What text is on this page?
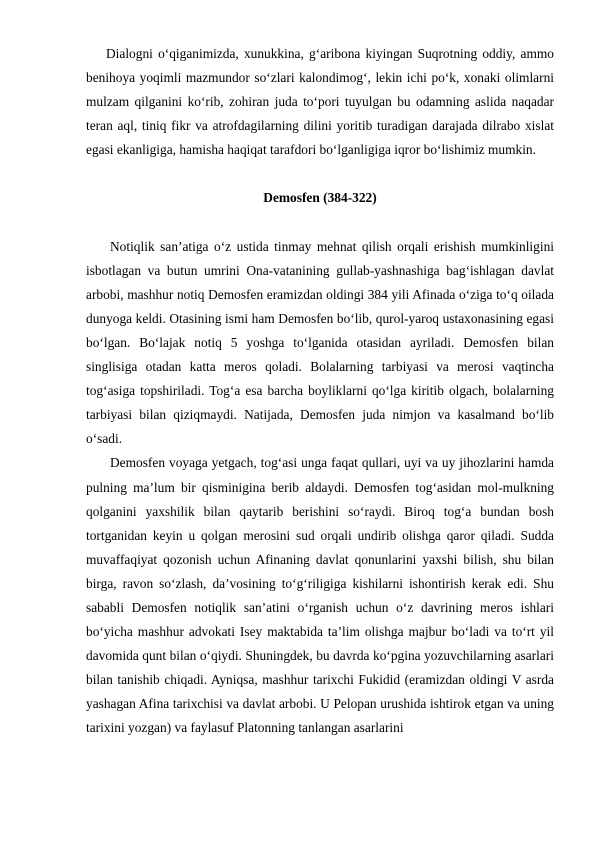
Dialogni o‘qiganimizda, xunukkina, g‘aribona kiyingan Suqrotning oddiy, ammo benihoya yoqimli mazmundor so‘zlari kalondimog‘, lekin ichi po‘k, xonaki olimlarni mulzam qilganini ko‘rib, zohiran juda to‘pori tuyulgan bu odamning aslida naqadar teran aql, tiniq fikr va atrofdagilarning dilini yoritib turadigan darajada dilrabo xislat egasi ekanligiga, hamisha haqiqat tarafdori bo‘lganligiga iqror bo‘lishimiz mumkin.

Demosfen (384-322)

Notiqlik san’atiga o‘z ustida tinmay mehnat qilish orqali erishish mumkinligini isbotlagan va butun umrini Ona-vatanining gullab-yashnashiga bag‘ishlagan davlat arbobi, mashhur notiq Demosfen eramizdan oldingi 384 yili Afinada o‘ziga to‘q oilada dunyoga keldi. Otasining ismi ham Demosfen bo‘lib, qurol-yaroq ustaxonasining egasi bo‘lgan. Bo‘lajak notiq 5 yoshga to‘lganida otasidan ayriladi. Demosfen bilan singlisiga otadan katta meros qoladi. Bolalarning tarbiyasi va merosi vaqtincha tog‘asiga topshiriladi. Tog‘a esa barcha boyliklarni qo‘lga kiritib olgach, bolalarning tarbiyasi bilan qiziqmaydi. Natijada, Demosfen juda nimjon va kasalmand bo‘lib o‘sadi.

Demosfen voyaga yetgach, tog‘asi unga faqat qullari, uyi va uy jihozlarini hamda pulning ma’lum bir qisminigina berib aldaydi. Demosfen tog‘asidan mol-mulkning qolganini yaxshilik bilan qaytarib berishini so‘raydi. Biroq tog‘a bundan bosh tortganidan keyin u qolgan merosini sud orqali undirib olishga qaror qiladi. Sudda muvaffaqiyat qozonish uchun Afinaning davlat qonunlarini yaxshi bilish, shu bilan birga, ravon so‘zlash, da’vosining to‘g‘riligiga kishilarni ishontirish kerak edi. Shu sababli Demosfen notiqlik san’atini o‘rganish uchun o‘z davrining meros ishlari bo‘yicha mashhur advokati Isey maktabida ta’lim olishga majbur bo‘ladi va to‘rt yil davomida qunt bilan o‘qiydi. Shuningdek, bu davrda ko‘pgina yozuvchilarning asarlari bilan tanishib chiqadi. Ayniqsa, mashhur tarixchi Fukidid (eramizdan oldingi V asrda yashagan Afina tarixchisi va davlat arbobi. U Pelopan urushida ishtirok etgan va uning tarixini yozgan) va faylasuf Platonning tanlangan asarlarini
